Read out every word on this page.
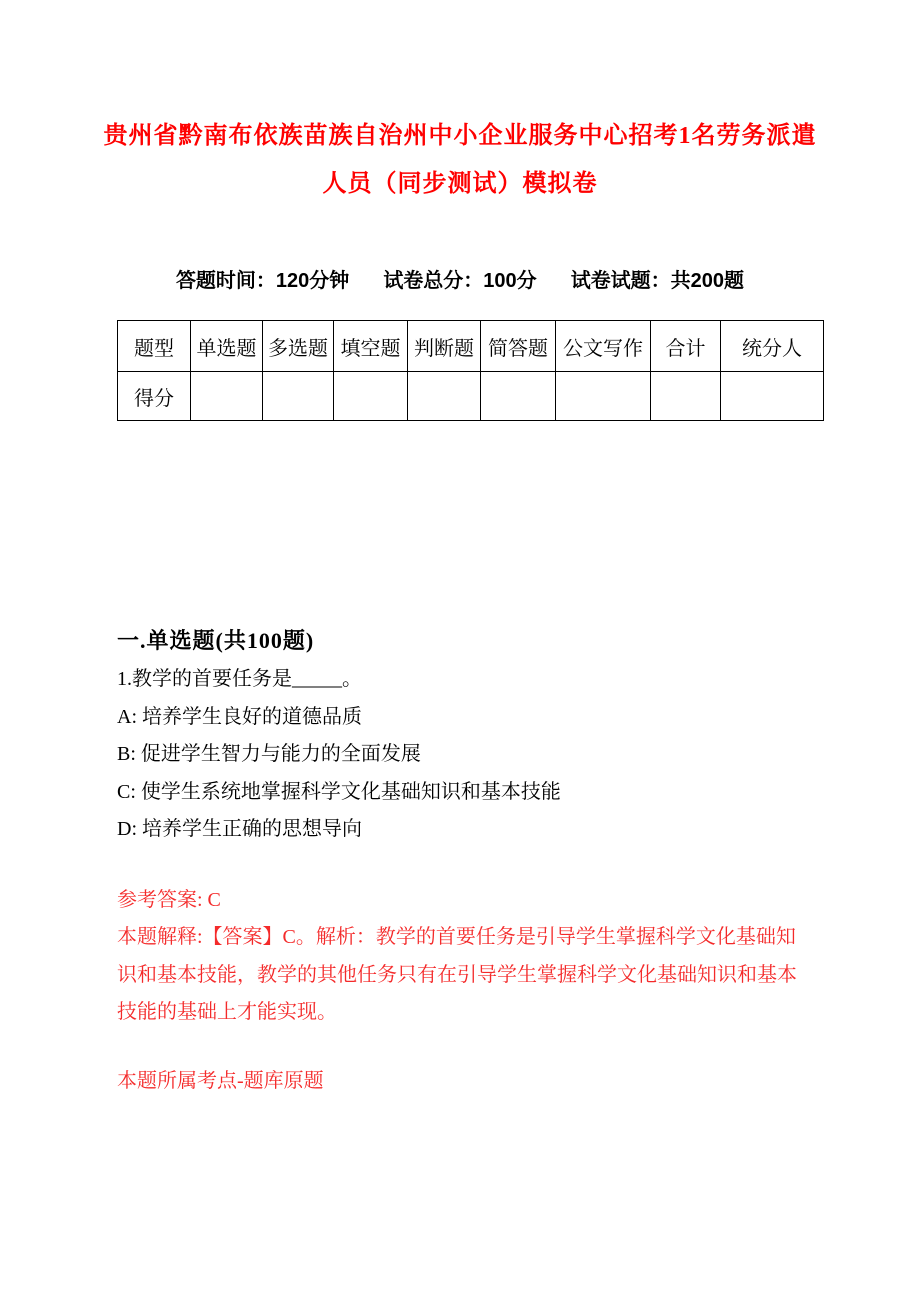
贵州省黔南布依族苗族自治州中小企业服务中心招考1名劳务派遣
人员（同步测试）模拟卷
答题时间：120分钟 试卷总分：100分 试卷试题：共200题
题型	单选题	多选题	填空题	判断题	简答题	公文写作	合计	统分人
得分								
一.单选题(共100题)

1.教学的首要任务是_____。

A: 培养学生良好的道德品质

B: 促进学生智力与能力的全面发展

C: 使学生系统地掌握科学文化基础知识和基本技能

D: 培养学生正确的思想导向

参考答案: C

本题解释:【答案】C。解析：教学的首要任务是引导学生掌握科学文化基础知识和基本技能，教学的其他任务只有在引导学生掌握科学文化基础知识和基本技能的基础上才能实现。

本题所属考点-题库原题
